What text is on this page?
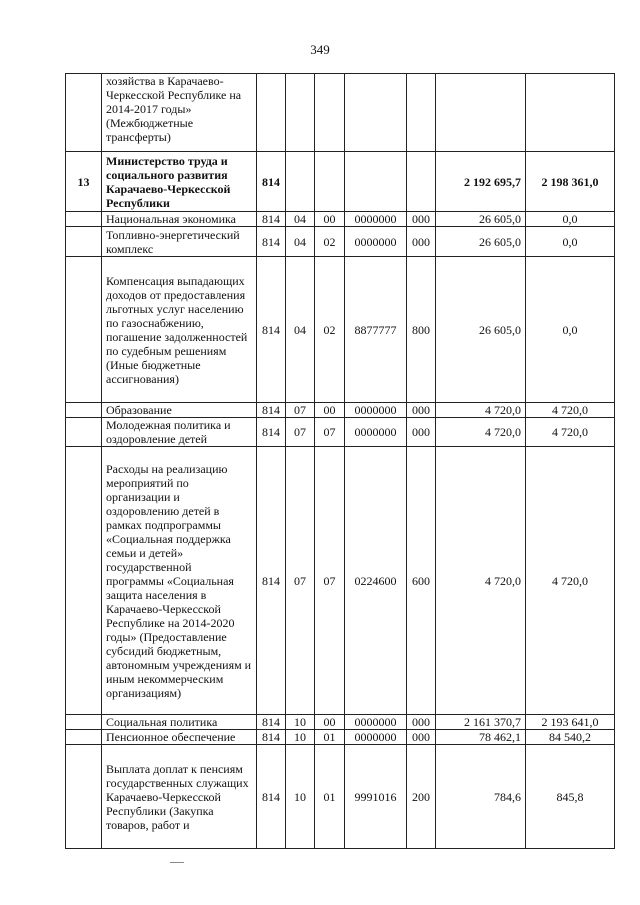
349
	хозяйства в Карачаево-Черкесской Республике на 2014-2017 годы» (Межбюджетные трансферты)							
13	Министерство труда и социального развития Карачаево-Черкесской Республики	814					2 192 695,7	2 198 361,0
	Национальная экономика	814	04	00	0000000	000	26 605,0	0,0
	Топливно-энергетический комплекс	814	04	02	0000000	000	26 605,0	0,0
	Компенсация выпадающих доходов от предоставления льготных услуг населению по газоснабжению, погашение задолженностей по судебным решениям (Иные бюджетные ассигнования)	814	04	02	8877777	800	26 605,0	0,0
	Образование	814	07	00	0000000	000	4 720,0	4 720,0
	Молодежная политика и оздоровление детей	814	07	07	0000000	000	4 720,0	4 720,0
	Расходы на реализацию мероприятий по организации и оздоровлению детей в рамках подпрограммы «Социальная поддержка семьи и детей» государственной программы «Социальная защита населения в Карачаево-Черкесской Республике на 2014-2020 годы» (Предоставление субсидий бюджетным, автономным учреждениям и иным некоммерческим организациям)	814	07	07	0224600	600	4 720,0	4 720,0
	Социальная политика	814	10	00	0000000	000	2 161 370,7	2 193 641,0
	Пенсионное обеспечение	814	10	01	0000000	000	78 462,1	84 540,2
	Выплата доплат к пенсиям государственных служащих Карачаево-Черкесской Республики (Закупка товаров, работ и	814	10	01	9991016	200	784,6	845,8
